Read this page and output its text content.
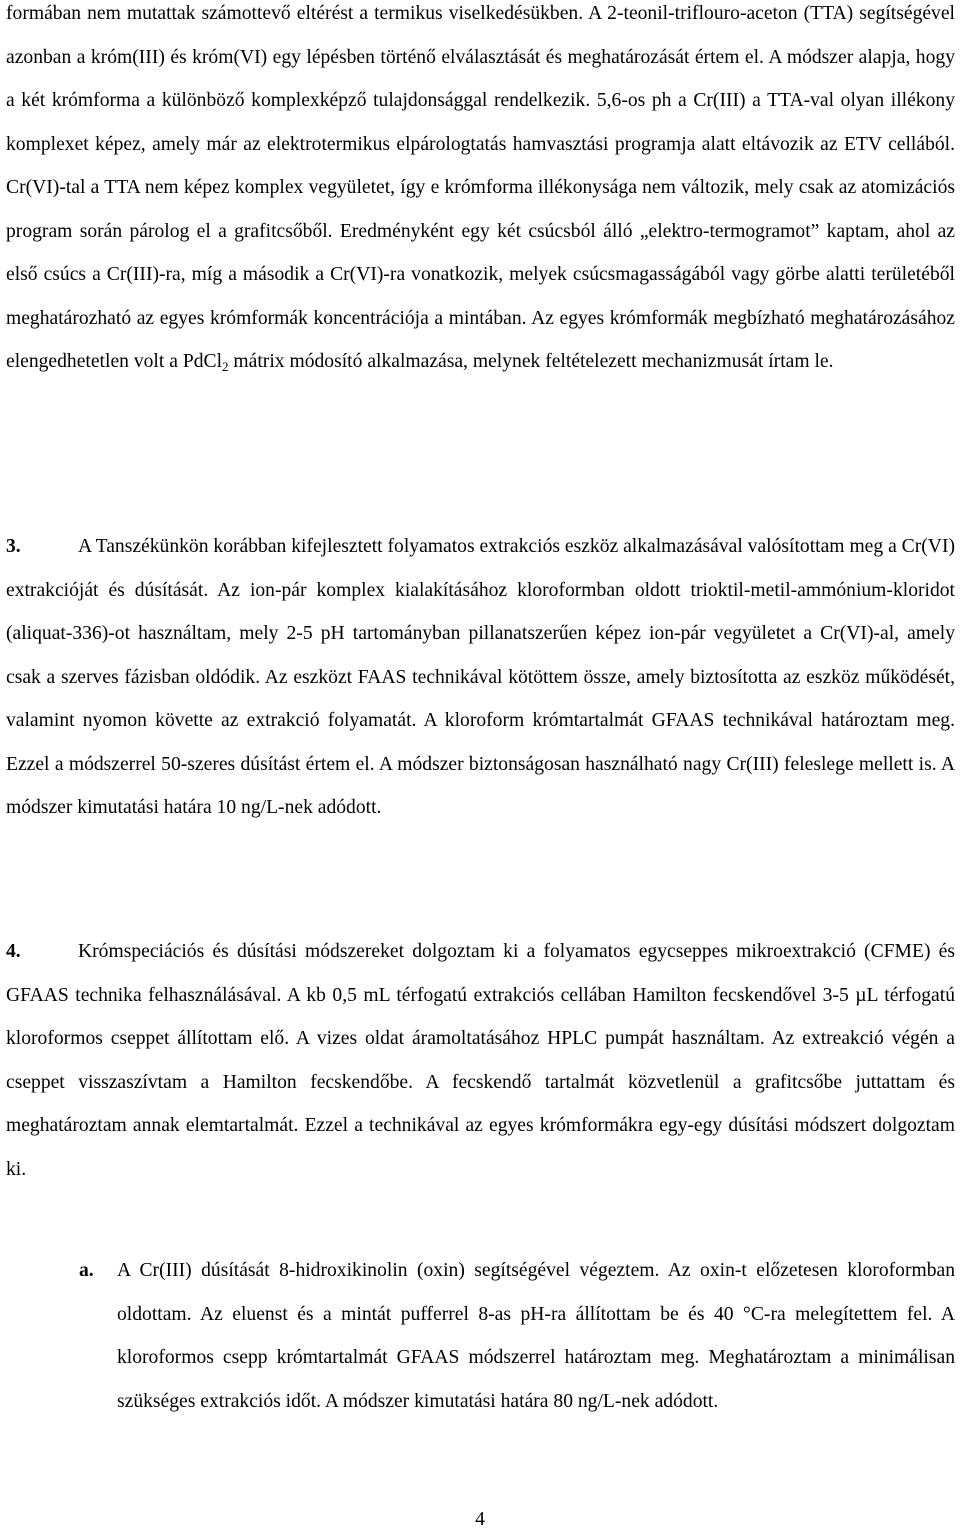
formában nem mutattak számottevő eltérést a termikus viselkedésükben. A 2-teonil-triflouro-aceton (TTA) segítségével azonban a króm(III) és króm(VI) egy lépésben történő elválasztását és meghatározását értem el. A módszer alapja, hogy a két krómforma a különböző komplexképző tulajdonsággal rendelkezik. 5,6-os ph a Cr(III) a TTA-val olyan illékony komplexet képez, amely már az elektrotermikus elpárologtatás hamvasztási programja alatt eltávozik az ETV cellából. Cr(VI)-tal a TTA nem képez komplex vegyületet, így e krómforma illékonysága nem változik, mely csak az atomizációs program során párolog el a grafitcsőből. Eredményként egy két csúcsból álló „elektro-termogramot” kaptam, ahol az első csúcs a Cr(III)-ra, míg a második a Cr(VI)-ra vonatkozik, melyek csúcsmagasságából vagy görbe alatti területéből meghatározható az egyes krómformák koncentrációja a mintában. Az egyes krómformák megbízható meghatározásához elengedhetetlen volt a PdCl$_2$ mátrix módosító alkalmazása, melynek feltételezett mechanizmusát írtam le.

3.	A Tanszékünkön korábban kifejlesztett folyamatos extrakciós eszköz alkalmazásával valósítottam meg a Cr(VI) extrakcióját és dúsítását. Az ion-pár komplex kialakításához kloroformban oldott trioktil-metil-ammónium-kloridot (aliquat-336)-ot használtam, mely 2-5 pH tartományban pillanatszerűen képez ion-pár vegyületet a Cr(VI)-al, amely csak a szerves fázisban oldódik. Az eszközt FAAS technikával kötöttem össze, amely biztosította az eszköz működését, valamint nyomon követte az extrakció folyamatát. A kloroform krómtartalmát GFAAS technikával határoztam meg. Ezzel a módszerrel 50-szeres dúsítást értem el. A módszer biztonságosan használható nagy Cr(III) feleslege mellett is. A módszer kimutatási határa 10 ng/L-nek adódott.

4.	Krómspeciációs és dúsítási módszereket dolgoztam ki a folyamatos egycseppes mikroextrakció (CFME) és GFAAS technika felhasználásával. A kb 0,5 mL térfogatú extrakciós cellában Hamilton fecskendővel 3-5 µL térfogatú kloroformos cseppet állítottam elő. A vizes oldat áramoltatásához HPLC pumpát használtam. Az extreakció végén a cseppet visszaszívtam a Hamilton fecskendőbe. A fecskendő tartalmát közvetlenül a grafitcsőbe juttattam és meghatároztam annak elemtartalmát. Ezzel a technikával az egyes krómformákra egy-egy dúsítási módszert dolgoztam ki.

a. A Cr(III) dúsítását 8-hidroxikinolin (oxin) segítségével végeztem. Az oxin-t előzetesen kloroformban oldottam. Az eluenst és a mintát pufferrel 8-as pH-ra állítottam be és 40 °C-ra melegítettem fel. A kloroformos csepp krómtartalmát GFAAS módszerrel határoztam meg. Meghatároztam a minimálisan szükséges extrakciós időt. A módszer kimutatási határa 80 ng/L-nek adódott.
4
